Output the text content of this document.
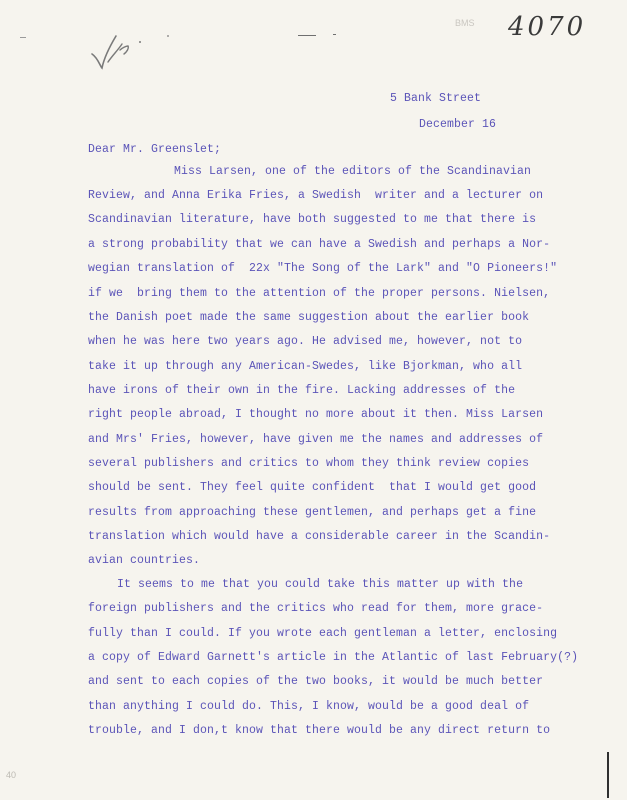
BMS 4070
5 Bank Street
December 16
Dear Mr. Greenslet;
Miss Larsen, one of the editors of the Scandinavian
Review, and Anna Erika Fries, a Swedish  writer and a lecturer on
Scandinavian literature, have both suggested to me that there is
a strong probability that we can have a Swedish and perhaps a Nor-
wegian translation of  22x "The Song of the Lark" and "O Pioneers!"
if we  bring them to the attention of the proper persons. Nielsen,
the Danish poet made the same suggestion about the earlier book
when he was here two years ago. He advised me, however, not to
take it up through any American-Swedes, like Bjorkman, who all
have irons of their own in the fire. Lacking addresses of the
right people abroad, I thought no more about it then. Miss Larsen
and Mrs' Fries, however, have given me the names and addresses of
several publishers and critics to whom they think review copies
should be sent. They feel quite confident  that I would get good
results from approaching these gentlemen, and perhaps get a fine
translation which would have a considerable career in the Scandin-
avian countries.
It seems to me that you could take this matter up with the
foreign publishers and the critics who read for them, more grace-
fully than I could. If you wrote each gentleman a letter, enclosing
a copy of Edward Garnett's article in the Atlantic of last February(?)
and sent to each copies of the two books, it would be much better
than anything I could do. This, I know, would be a good deal of
trouble, and I don,t know that there would be any direct return to
40
